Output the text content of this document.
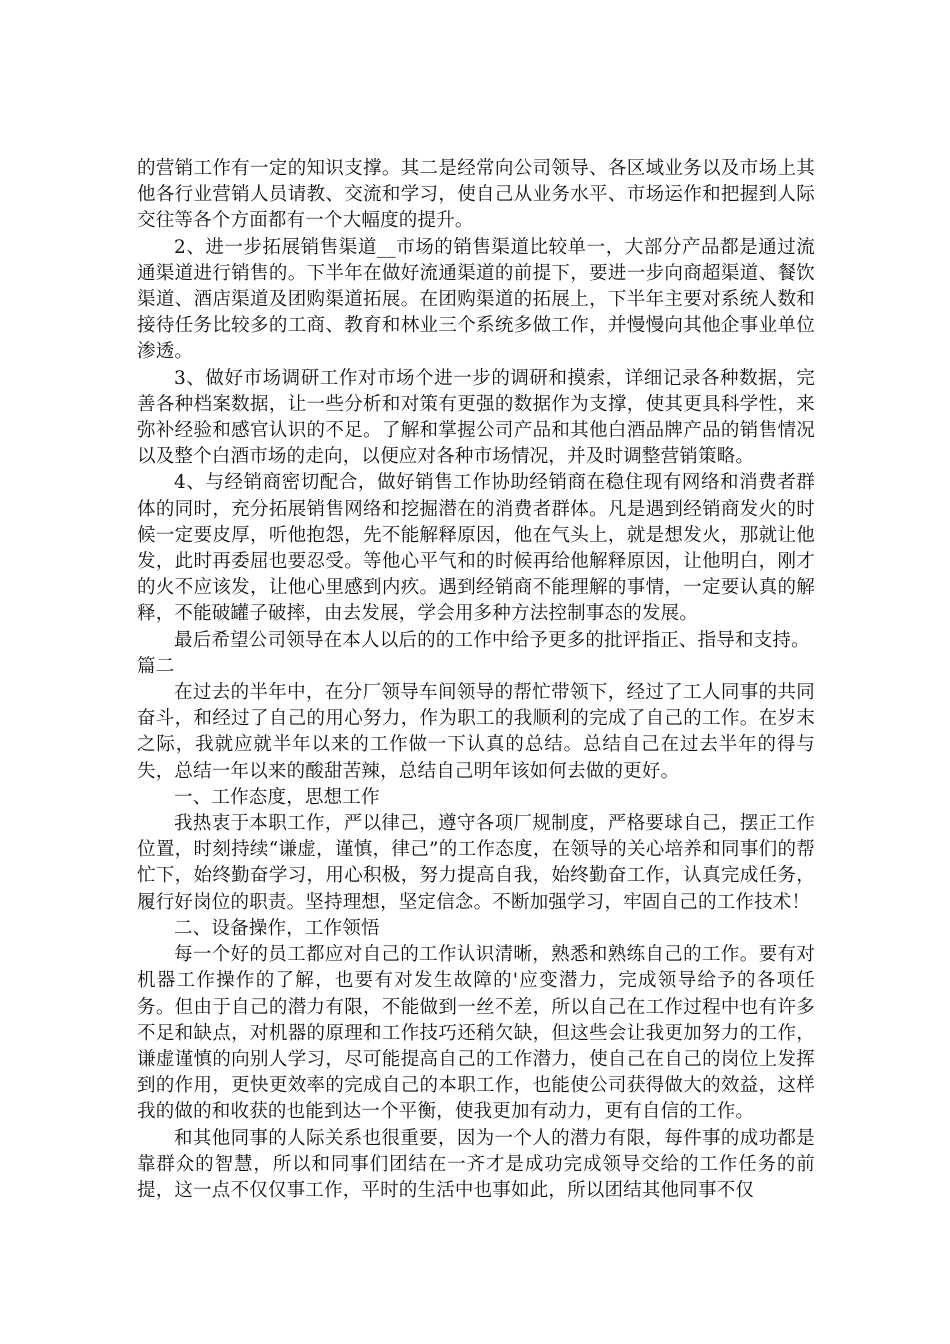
的营销工作有一定的知识支撑。其二是经常向公司领导、各区域业务以及市场上其他各行业营销人员请教、交流和学习，使自己从业务水平、市场运作和把握到人际交往等各个方面都有一个大幅度的提升。

2、进一步拓展销售渠道__市场的销售渠道比较单一，大部分产品都是通过流通渠道进行销售的。下半年在做好流通渠道的前提下，要进一步向商超渠道、餐饮渠道、酒店渠道及团购渠道拓展。在团购渠道的拓展上，下半年主要对系统人数和接待任务比较多的工商、教育和林业三个系统多做工作，并慢慢向其他企事业单位渗透。

3、做好市场调研工作对市场个进一步的调研和摸索，详细记录各种数据，完善各种档案数据，让一些分析和对策有更强的数据作为支撑，使其更具科学性，来弥补经验和感官认识的不足。了解和掌握公司产品和其他白酒品牌产品的销售情况以及整个白酒市场的走向，以便应对各种市场情况，并及时调整营销策略。

4、与经销商密切配合，做好销售工作协助经销商在稳住现有网络和消费者群体的同时，充分拓展销售网络和挖掘潜在的消费者群体。凡是遇到经销商发火的时候一定要皮厚，听他抱怨，先不能解释原因，他在气头上，就是想发火，那就让他发，此时再委屈也要忍受。等他心平气和的时候再给他解释原因，让他明白，刚才的火不应该发，让他心里感到内疚。遇到经销商不能理解的事情，一定要认真的解释，不能破罐子破摔，由去发展，学会用多种方法控制事态的发展。

最后希望公司领导在本人以后的的工作中给予更多的批评指正、指导和支持。

篇二

在过去的半年中，在分厂领导车间领导的帮忙带领下，经过了工人同事的共同奋斗，和经过了自己的用心努力，作为职工的我顺利的完成了自己的工作。在岁末之际，我就应就半年以来的工作做一下认真的总结。总结自己在过去半年的得与失，总结一年以来的酸甜苦辣，总结自己明年该如何去做的更好。

一、工作态度，思想工作

我热衷于本职工作，严以律己，遵守各项厂规制度，严格要球自己，摆正工作位置，时刻持续“谦虚，谨慎，律己”的工作态度，在领导的关心培养和同事们的帮忙下，始终勤奋学习，用心积极，努力提高自我，始终勤奋工作，认真完成任务，履行好岗位的职责。坚持理想，坚定信念。不断加强学习，牢固自己的工作技术！

二、设备操作，工作领悟

每一个好的员工都应对自己的工作认识清晰，熟悉和熟练自己的工作。要有对机器工作操作的了解，也要有对发生故障的'应变潜力，完成领导给予的各项任务。但由于自己的潜力有限，不能做到一丝不差，所以自己在工作过程中也有许多不足和缺点，对机器的原理和工作技巧还稍欠缺，但这些会让我更加努力的工作，谦虚谨慎的向别人学习，尽可能提高自己的工作潜力，使自己在自己的岗位上发挥到的作用，更快更效率的完成自己的本职工作，也能使公司获得做大的效益，这样我的做的和收获的也能到达一个平衡，使我更加有动力，更有自信的工作。

和其他同事的人际关系也很重要，因为一个人的潜力有限，每件事的成功都是靠群众的智慧，所以和同事们团结在一齐才是成功完成领导交给的工作任务的前提，这一点不仅仅事工作，平时的生活中也事如此，所以团结其他同事不仅
